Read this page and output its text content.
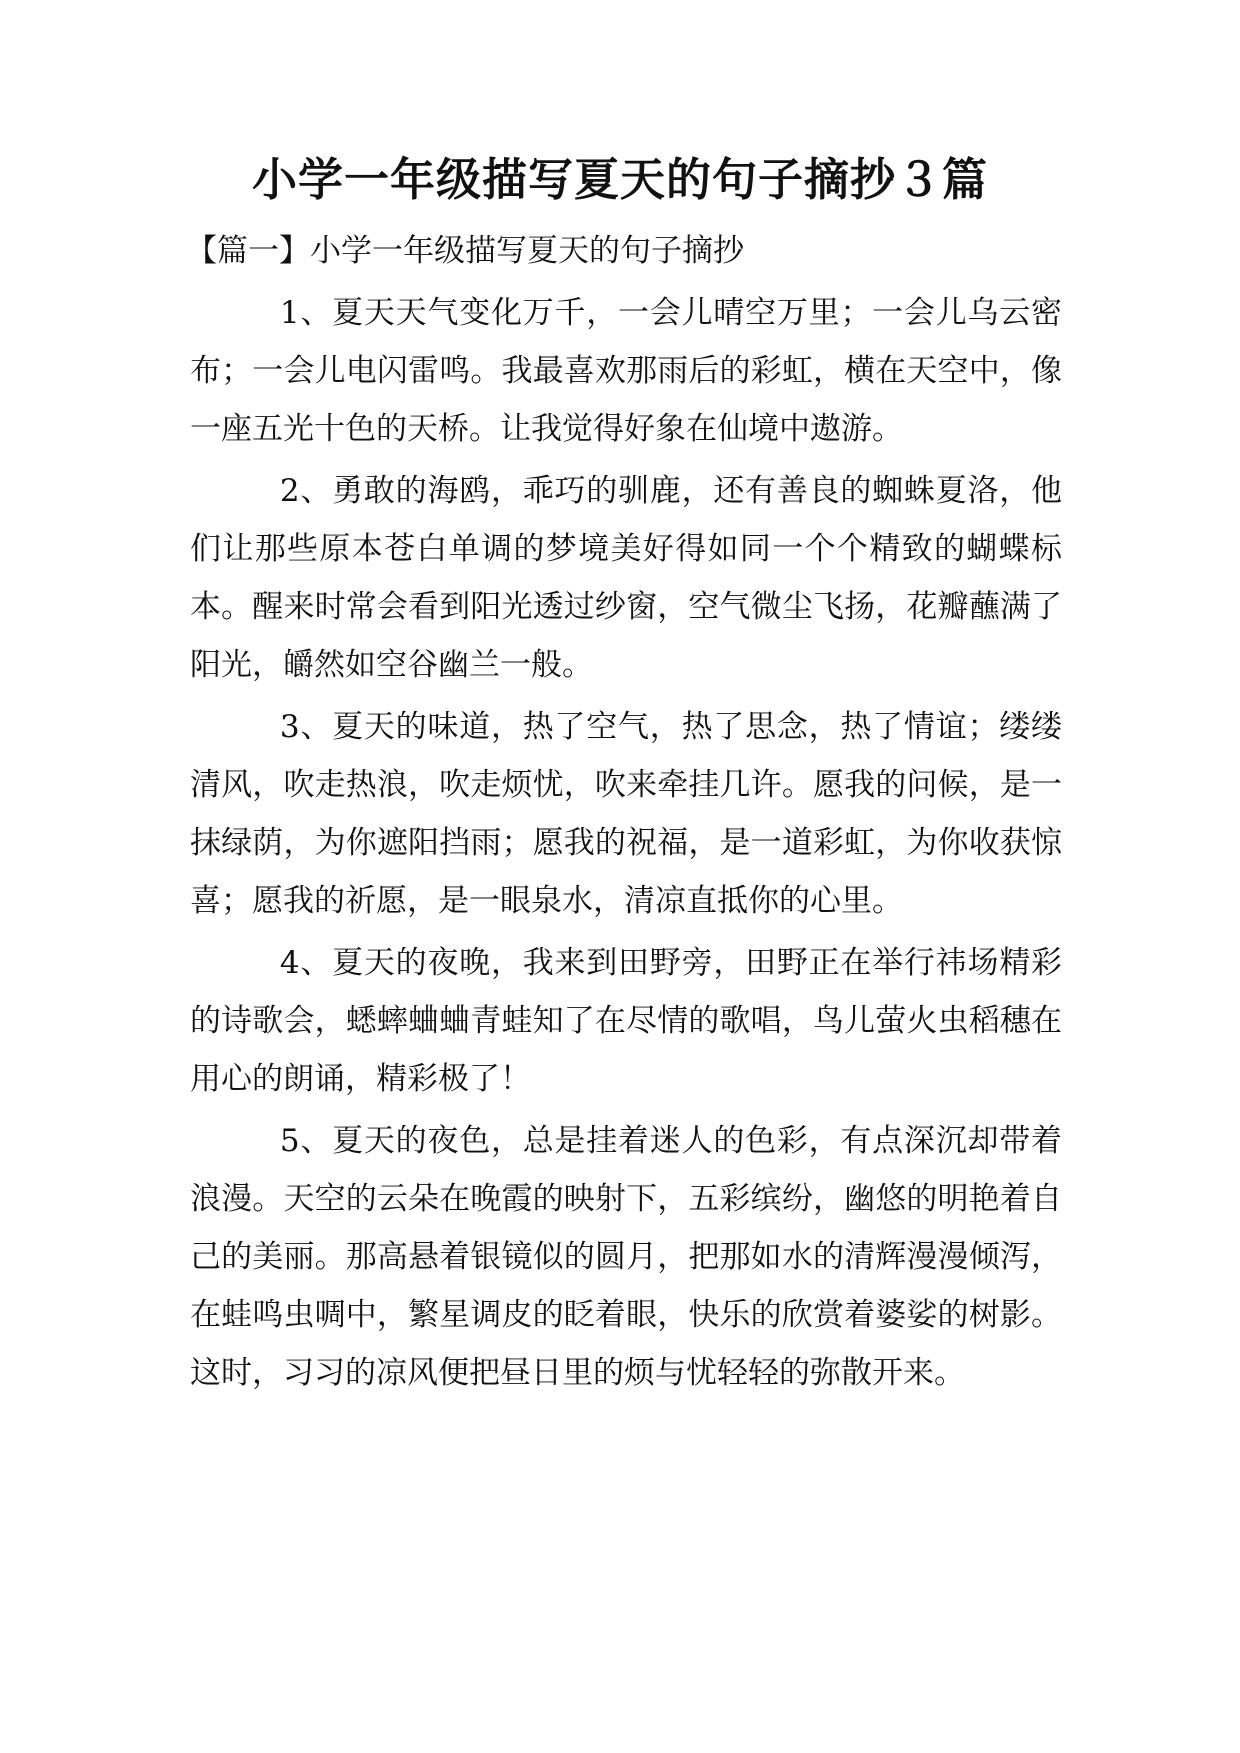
小学一年级描写夏天的句子摘抄３篇

【篇一】小学一年级描写夏天的句子摘抄

1、夏天天气变化万千，一会儿晴空万里；一会儿乌云密布；一会儿电闪雷鸣。我最喜欢那雨后的彩虹，横在天空中，像一座五光十色的天桥。让我觉得好象在仙境中遨游。

2、勇敢的海鸥，乖巧的驯鹿，还有善良的蜘蛛夏洛，他们让那些原本苍白单调的梦境美好得如同一个个精致的蝴蝶标本。醒来时常会看到阳光透过纱窗，空气微尘飞扬，花瓣蘸满了阳光，皭然如空谷幽兰一般。

3、夏天的味道，热了空气，热了思念，热了情谊；缕缕清风，吹走热浪，吹走烦忧，吹来牵挂几许。愿我的问候，是一抹绿荫，为你遮阳挡雨；愿我的祝福，是一道彩虹，为你收获惊喜；愿我的祈愿，是一眼泉水，清凉直抵你的心里。

4、夏天的夜晚，我来到田野旁，田野正在举行祎场精彩的诗歌会，蟋蟀蛐蛐青蛙知了在尽情的歌唱，鸟儿萤火虫稻穗在用心的朗诵，精彩极了！

5、夏天的夜色，总是挂着迷人的色彩，有点深沉却带着浪漫。天空的云朵在晚霞的映射下，五彩缤纷，幽悠的明艳着自己的美丽。那高悬着银镜似的圆月，把那如水的清辉漫漫倾泻，在蛙鸣虫啁中，繁星调皮的眨着眼，快乐的欣赏着婆娑的树影。这时，习习的凉风便把昼日里的烦与忧轻轻的弥散开来。
